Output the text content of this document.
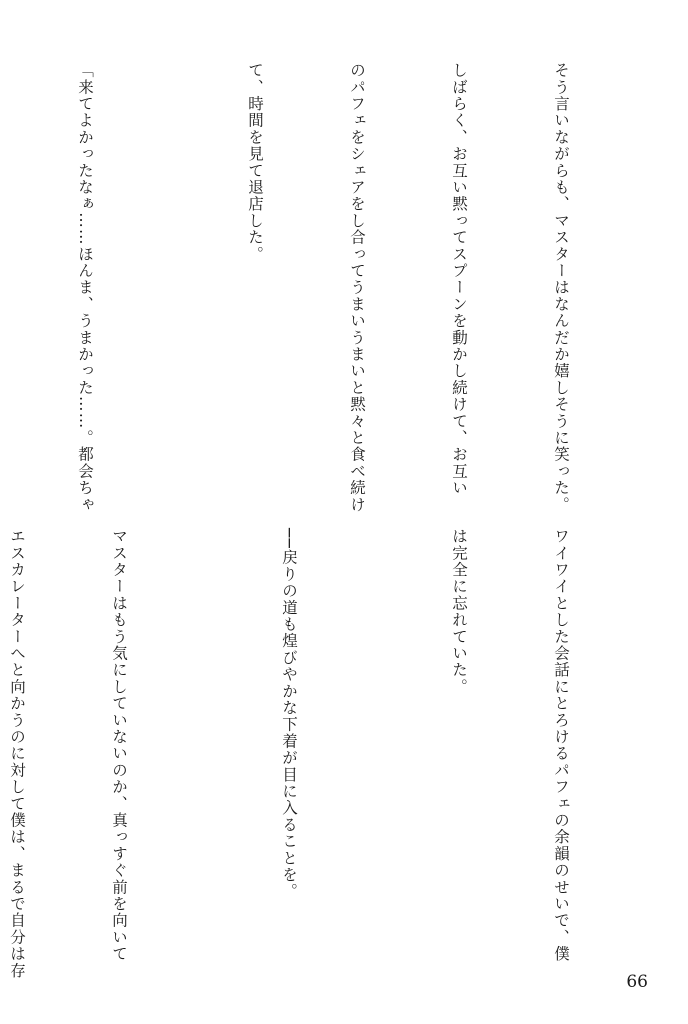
そう言いながらも、マスターはなんだか嬉しそうに笑った。

しばらく、お互い黙ってスプーンを動かし続けて、お互い

のパフェをシェアをし合ってうまいうまいと黙々と食べ続け

て、時間を見て退店した。

「来てよかったなぁ……ほんま、うまかった……。都会ちゃ

ワイワイとした会話にとろけるパフェの余韻のせいで、僕

は完全に忘れていた。

──戻りの道も煌びやかな下着が目に入ることを。

マスターはもう気にしていないのか、真っすぐ前を向いて

エスカレーターへと向かうのに対して僕は、まるで自分は存

66
